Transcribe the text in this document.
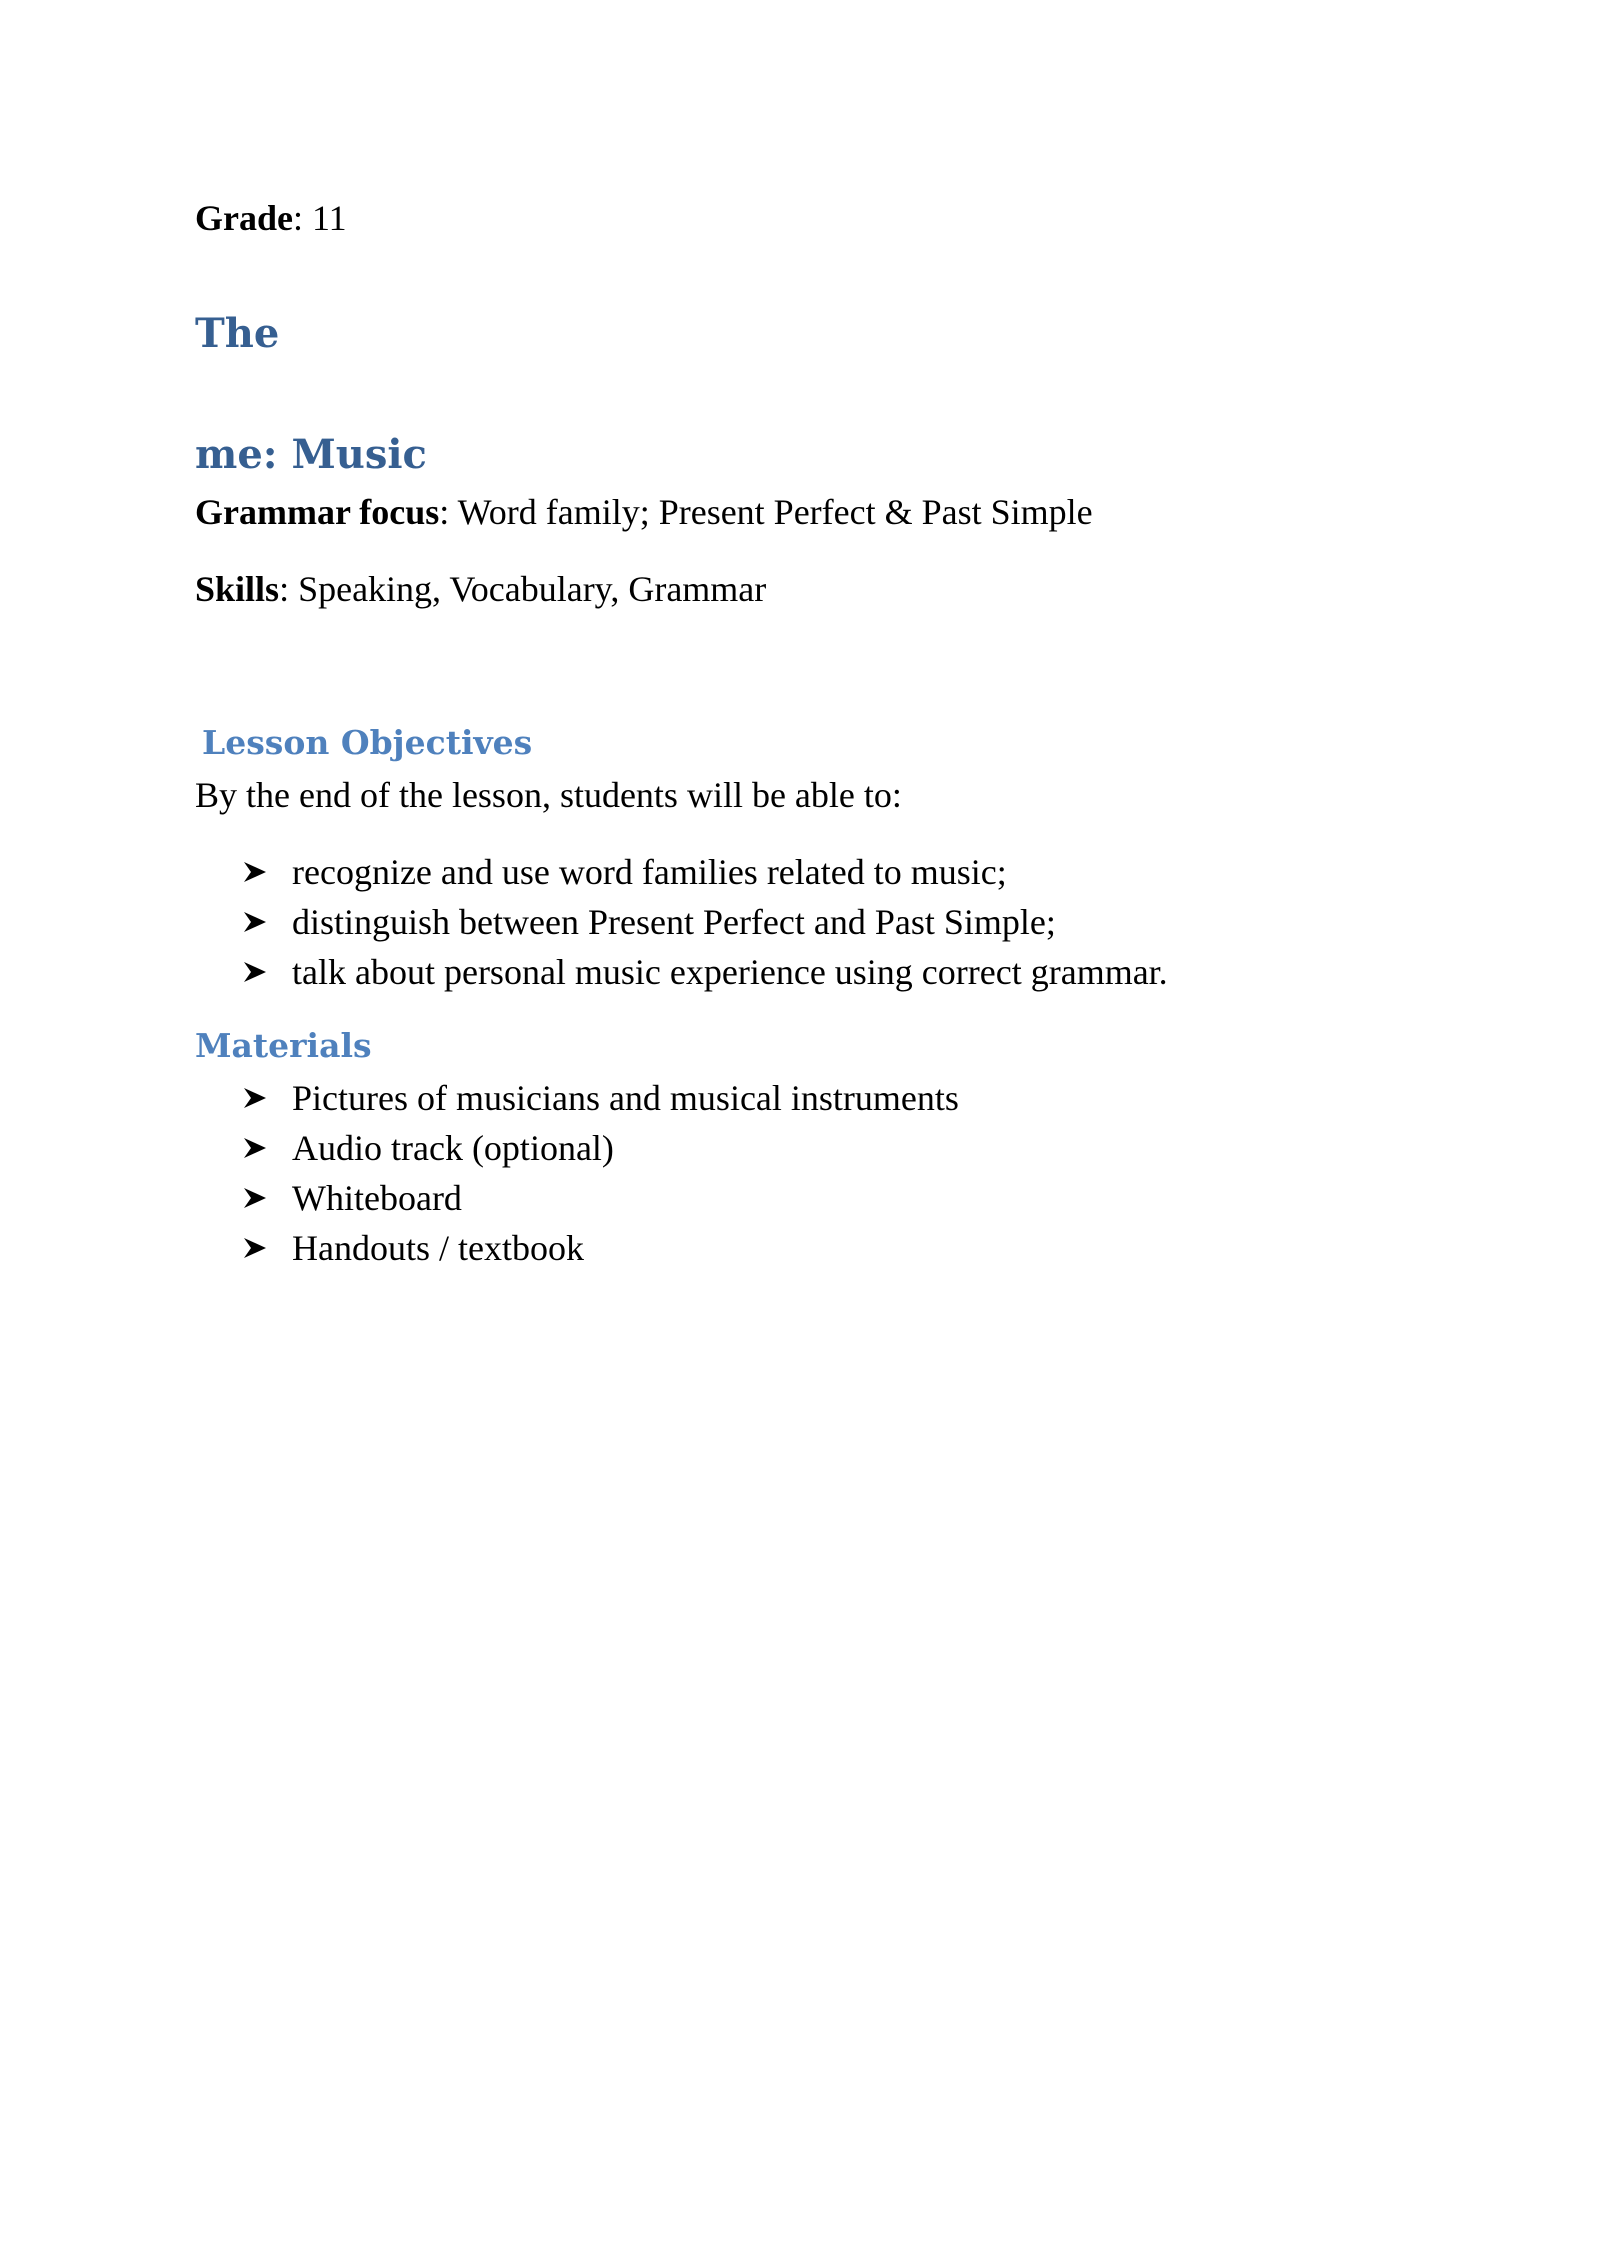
Grade: 11
The
me: Music
Grammar focus: Word family; Present Perfect & Past Simple
Skills: Speaking, Vocabulary, Grammar
Lesson Objectives
By the end of the lesson, students will be able to:
recognize and use word families related to music;
distinguish between Present Perfect and Past Simple;
talk about personal music experience using correct grammar.
Materials
Pictures of musicians and musical instruments
Audio track (optional)
Whiteboard
Handouts / textbook
